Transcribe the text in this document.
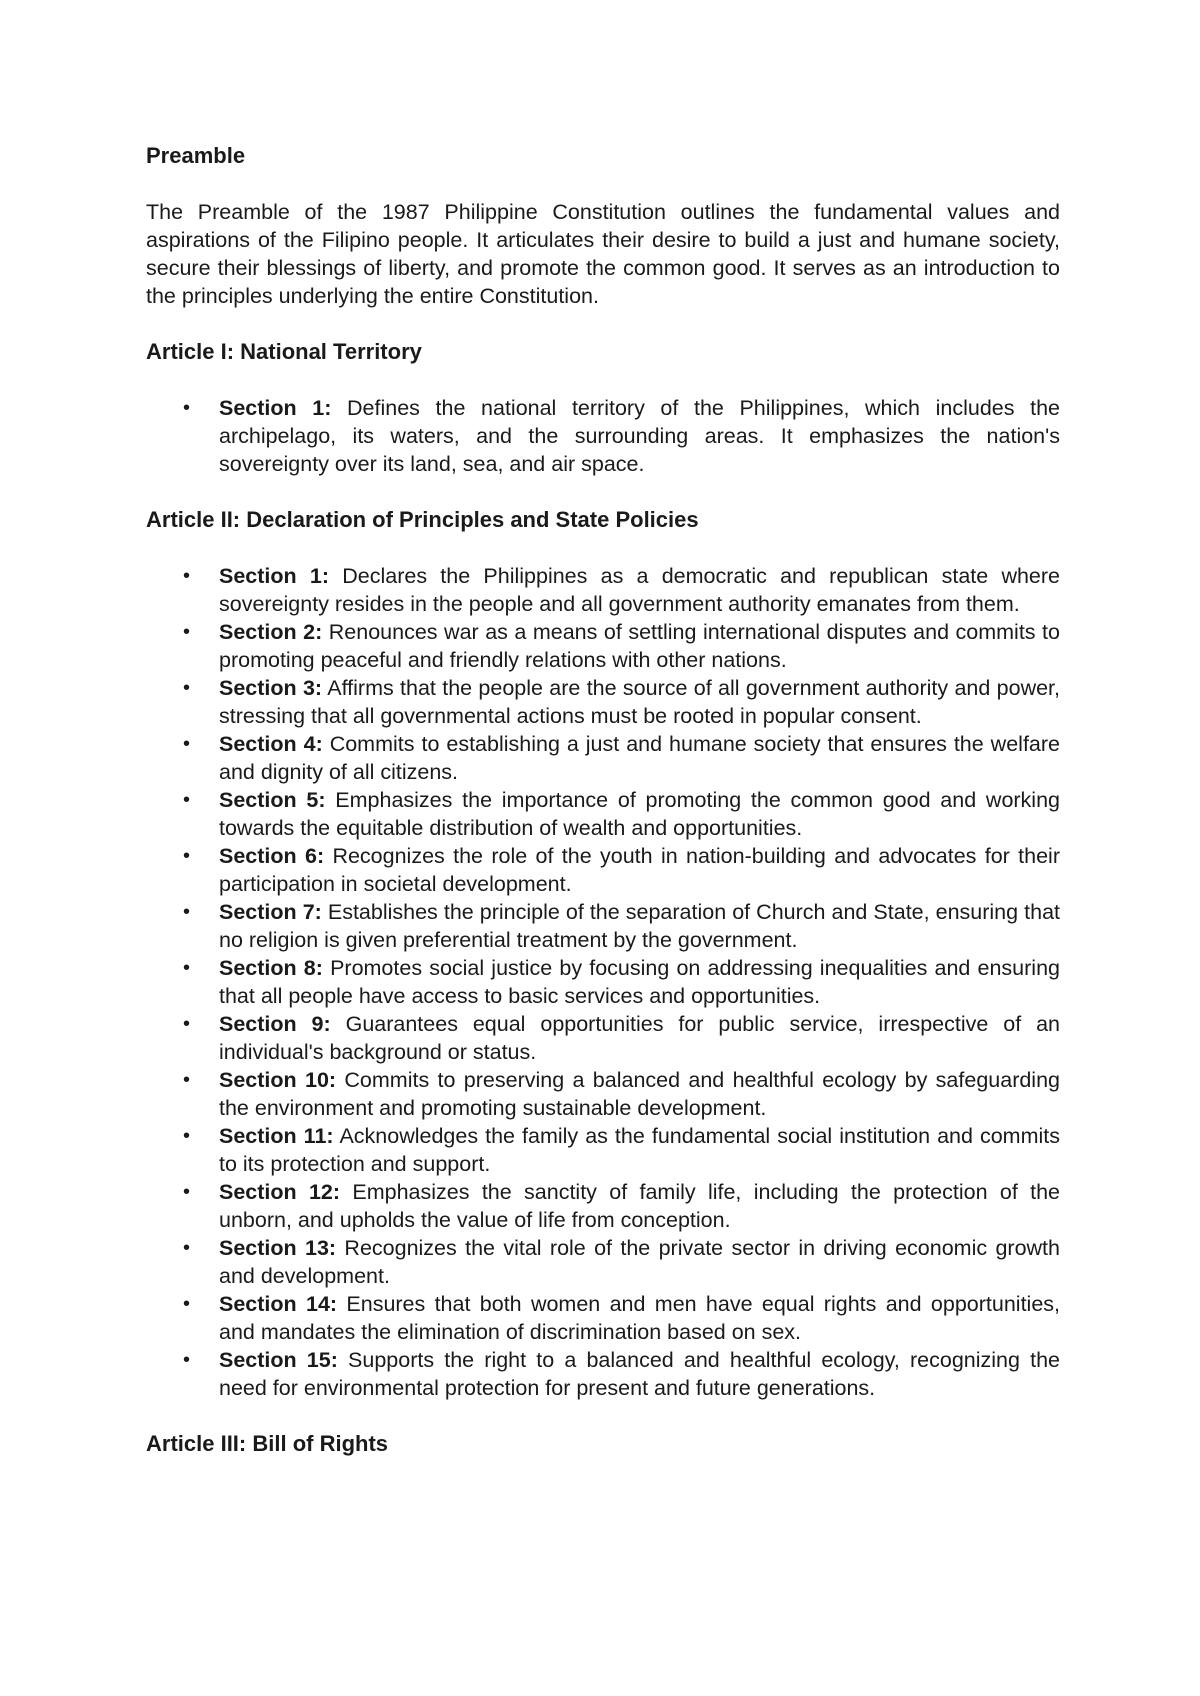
Preamble

The Preamble of the 1987 Philippine Constitution outlines the fundamental values and aspirations of the Filipino people. It articulates their desire to build a just and humane society, secure their blessings of liberty, and promote the common good. It serves as an introduction to the principles underlying the entire Constitution.

Article I: National Territory
• Section 1: Defines the national territory of the Philippines, which includes the archipelago, its waters, and the surrounding areas. It emphasizes the nation's sovereignty over its land, sea, and air space.
Article II: Declaration of Principles and State Policies
• Section 1: Declares the Philippines as a democratic and republican state where sovereignty resides in the people and all government authority emanates from them.
• Section 2: Renounces war as a means of settling international disputes and commits to promoting peaceful and friendly relations with other nations.
• Section 3: Affirms that the people are the source of all government authority and power, stressing that all governmental actions must be rooted in popular consent.
• Section 4: Commits to establishing a just and humane society that ensures the welfare and dignity of all citizens.
• Section 5: Emphasizes the importance of promoting the common good and working towards the equitable distribution of wealth and opportunities.
• Section 6: Recognizes the role of the youth in nation-building and advocates for their participation in societal development.
• Section 7: Establishes the principle of the separation of Church and State, ensuring that no religion is given preferential treatment by the government.
• Section 8: Promotes social justice by focusing on addressing inequalities and ensuring that all people have access to basic services and opportunities.
• Section 9: Guarantees equal opportunities for public service, irrespective of an individual's background or status.
• Section 10: Commits to preserving a balanced and healthful ecology by safeguarding the environment and promoting sustainable development.
• Section 11: Acknowledges the family as the fundamental social institution and commits to its protection and support.
• Section 12: Emphasizes the sanctity of family life, including the protection of the unborn, and upholds the value of life from conception.
• Section 13: Recognizes the vital role of the private sector in driving economic growth and development.
• Section 14: Ensures that both women and men have equal rights and opportunities, and mandates the elimination of discrimination based on sex.
• Section 15: Supports the right to a balanced and healthful ecology, recognizing the need for environmental protection for present and future generations.
Article III: Bill of Rights
